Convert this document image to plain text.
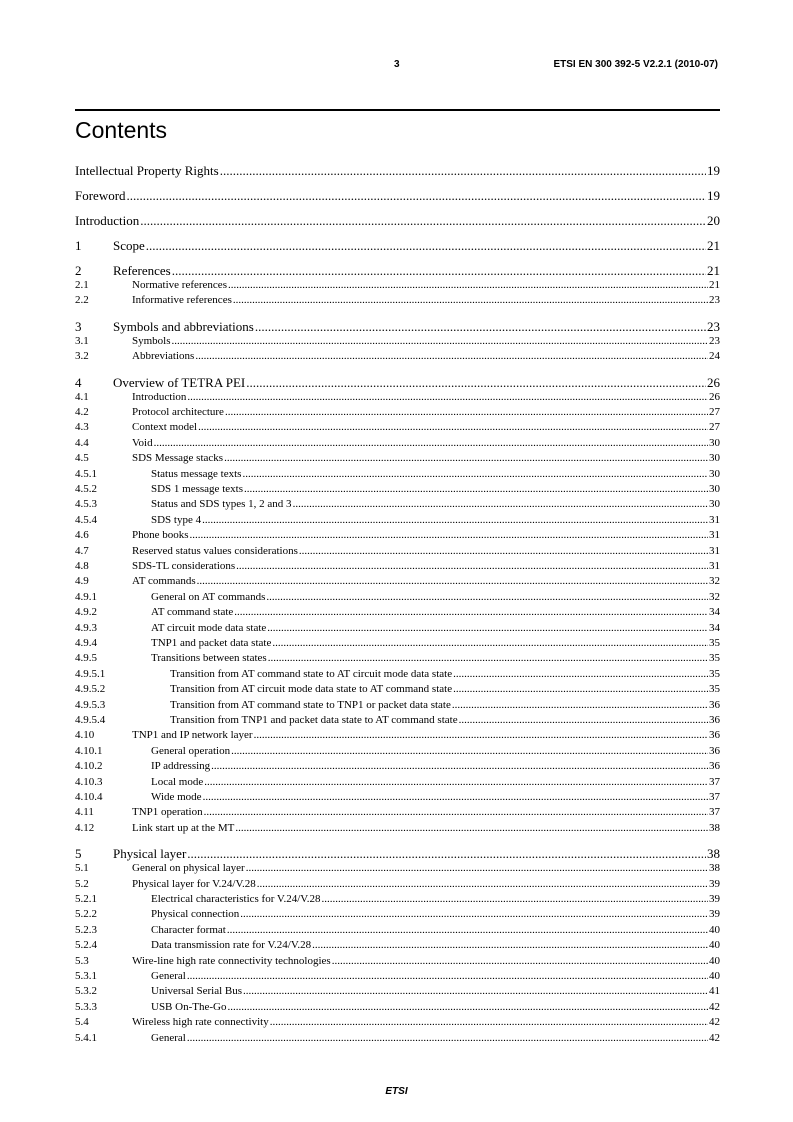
3	ETSI EN 300 392-5 V2.2.1 (2010-07)
Contents
Intellectual Property Rights .....	19
Foreword .....	19
Introduction .....	20
1	Scope .....	21
2	References .....	21
2.1	Normative references .....	21
2.2	Informative references .....	23
3	Symbols and abbreviations .....	23
3.1	Symbols .....	23
3.2	Abbreviations .....	24
4	Overview of TETRA PEI .....	26
4.1	Introduction .....	26
4.2	Protocol architecture .....	27
4.3	Context model .....	27
4.4	Void .....	30
4.5	SDS Message stacks .....	30
4.5.1	Status message texts .....	30
4.5.2	SDS 1 message texts .....	30
4.5.3	Status and SDS types 1, 2 and 3 .....	30
4.5.4	SDS type 4 .....	31
4.6	Phone books .....	31
4.7	Reserved status values considerations .....	31
4.8	SDS-TL considerations .....	31
4.9	AT commands .....	32
4.9.1	General on AT commands .....	32
4.9.2	AT command state .....	34
4.9.3	AT circuit mode data state .....	34
4.9.4	TNP1 and packet data state .....	35
4.9.5	Transitions between states .....	35
4.9.5.1	Transition from AT command state to AT circuit mode data state .....	35
4.9.5.2	Transition from AT circuit mode data state to AT command state .....	35
4.9.5.3	Transition from AT command state to TNP1 or packet data state .....	36
4.9.5.4	Transition from TNP1 and packet data state to AT command state .....	36
4.10	TNP1 and IP network layer .....	36
4.10.1	General operation .....	36
4.10.2	IP addressing .....	36
4.10.3	Local mode .....	37
4.10.4	Wide mode .....	37
4.11	TNP1 operation .....	37
4.12	Link start up at the MT .....	38
5	Physical layer .....	38
5.1	General on physical layer .....	38
5.2	Physical layer for V.24/V.28 .....	39
5.2.1	Electrical characteristics for V.24/V.28 .....	39
5.2.2	Physical connection .....	39
5.2.3	Character format .....	40
5.2.4	Data transmission rate for V.24/V.28 .....	40
5.3	Wire-line high rate connectivity technologies .....	40
5.3.1	General .....	40
5.3.2	Universal Serial Bus .....	41
5.3.3	USB On-The-Go .....	42
5.4	Wireless high rate connectivity .....	42
5.4.1	General .....	42
ETSI
